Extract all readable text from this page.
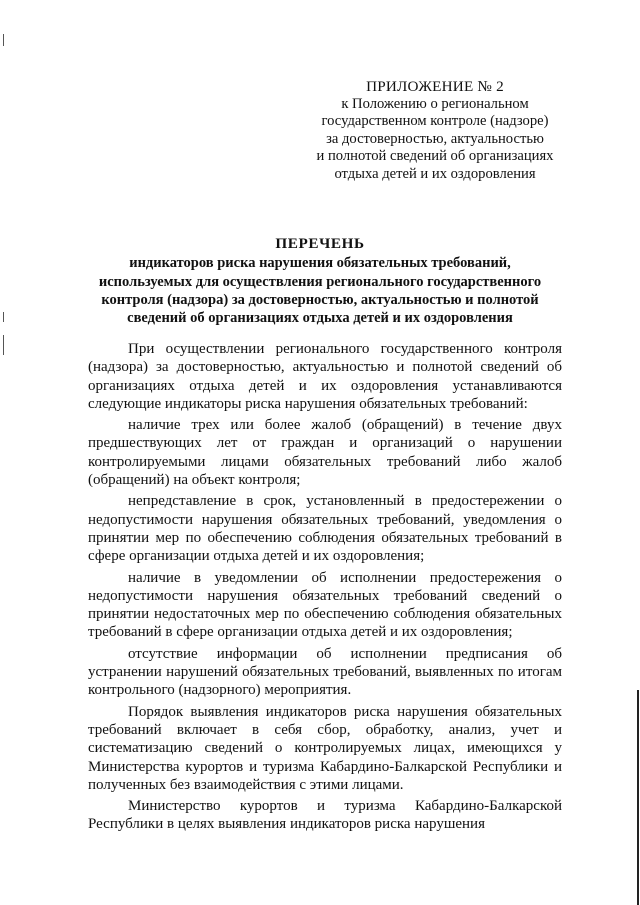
ПРИЛОЖЕНИЕ № 2
к Положению о региональном
государственном контроле (надзоре)
за достоверностью, актуальностью
и полнотой сведений об организациях
отдыха детей и их оздоровления
ПЕРЕЧЕНЬ
индикаторов риска нарушения обязательных требований,
используемых для осуществления регионального государственного
контроля (надзора) за достоверностью, актуальностью и полнотой
сведений об организациях отдыха детей и их оздоровления

При осуществлении регионального государственного контроля (надзора) за достоверностью, актуальностью и полнотой сведений об организациях отдыха детей и их оздоровления устанавливаются следующие индикаторы риска нарушения обязательных требований:

наличие трех или более жалоб (обращений) в течение двух предшествующих лет от граждан и организаций о нарушении контролируемыми лицами обязательных требований либо жалоб (обращений) на объект контроля;

непредставление в срок, установленный в предостережении о недопустимости нарушения обязательных требований, уведомления о принятии мер по обеспечению соблюдения обязательных требований в сфере организации отдыха детей и их оздоровления;

наличие в уведомлении об исполнении предостережения о недопустимости нарушения обязательных требований сведений о принятии недостаточных мер по обеспечению соблюдения обязательных требований в сфере организации отдыха детей и их оздоровления;

отсутствие информации об исполнении предписания об устранении нарушений обязательных требований, выявленных по итогам контрольного (надзорного) мероприятия.

Порядок выявления индикаторов риска нарушения обязательных требований включает в себя сбор, обработку, анализ, учет и систематизацию сведений о контролируемых лицах, имеющихся у Министерства курортов и туризма Кабардино-Балкарской Республики и полученных без взаимодействия с этими лицами.

Министерство курортов и туризма Кабардино-Балкарской Республики в целях выявления индикаторов риска нарушения
